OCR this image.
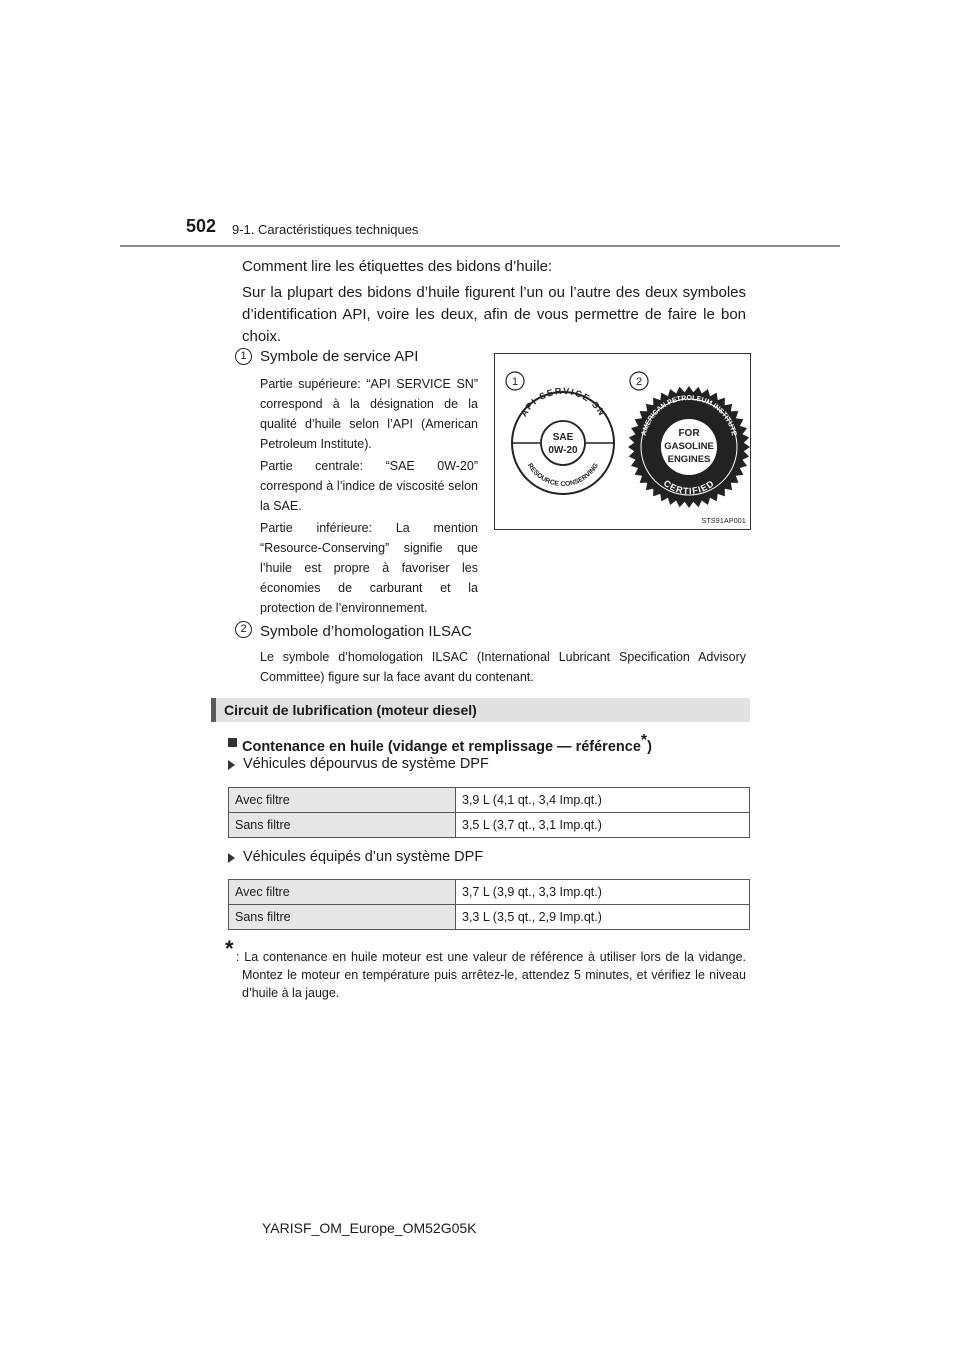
502 9-1. Caractéristiques techniques
Comment lire les étiquettes des bidons d’huile:
Sur la plupart des bidons d’huile figurent l’un ou l’autre des deux symboles d’identification API, voire les deux, afin de vous permettre de faire le bon choix.
1 Symbole de service API
Partie supérieure: “API SERVICE SN” correspond à la désignation de la qualité d’huile selon l’API (American Petroleum Institute).
Partie centrale: “SAE 0W-20” correspond à l’indice de viscosité selon la SAE.
Partie inférieure: La mention “Resource-Conserving” signifie que l’huile est propre à favoriser les économies de carburant et la protection de l’environnement.
1	2
API SERVICE SN
RESOURCE CONSERVING
SAE
0W-20
AMERICAN PETROLEUM INSTITUTE
CERTIFIED
FOR
GASOLINE
ENGINES
STS91AP001
2 Symbole d’homologation ILSAC
Le symbole d’homologation ILSAC (International Lubricant Specification Advisory Committee) figure sur la face avant du contenant.
Circuit de lubrification (moteur diesel)
Contenance en huile (vidange et remplissage — référence*)
Véhicules dépourvus de système DPF
Avec filtre	3,9 L (4,1 qt., 3,4 Imp.qt.)
Sans filtre	3,5 L (3,7 qt., 3,1 Imp.qt.)
Véhicules équipés d’un système DPF
Avec filtre	3,7 L (3,9 qt., 3,3 Imp.qt.)
Sans filtre	3,3 L (3,5 qt., 2,9 Imp.qt.)
* : La contenance en huile moteur est une valeur de référence à utiliser lors de la vidange. Montez le moteur en température puis arrêtez-le, attendez 5 minutes, et vérifiez le niveau d’huile à la jauge.
YARISF_OM_Europe_OM52G05K
